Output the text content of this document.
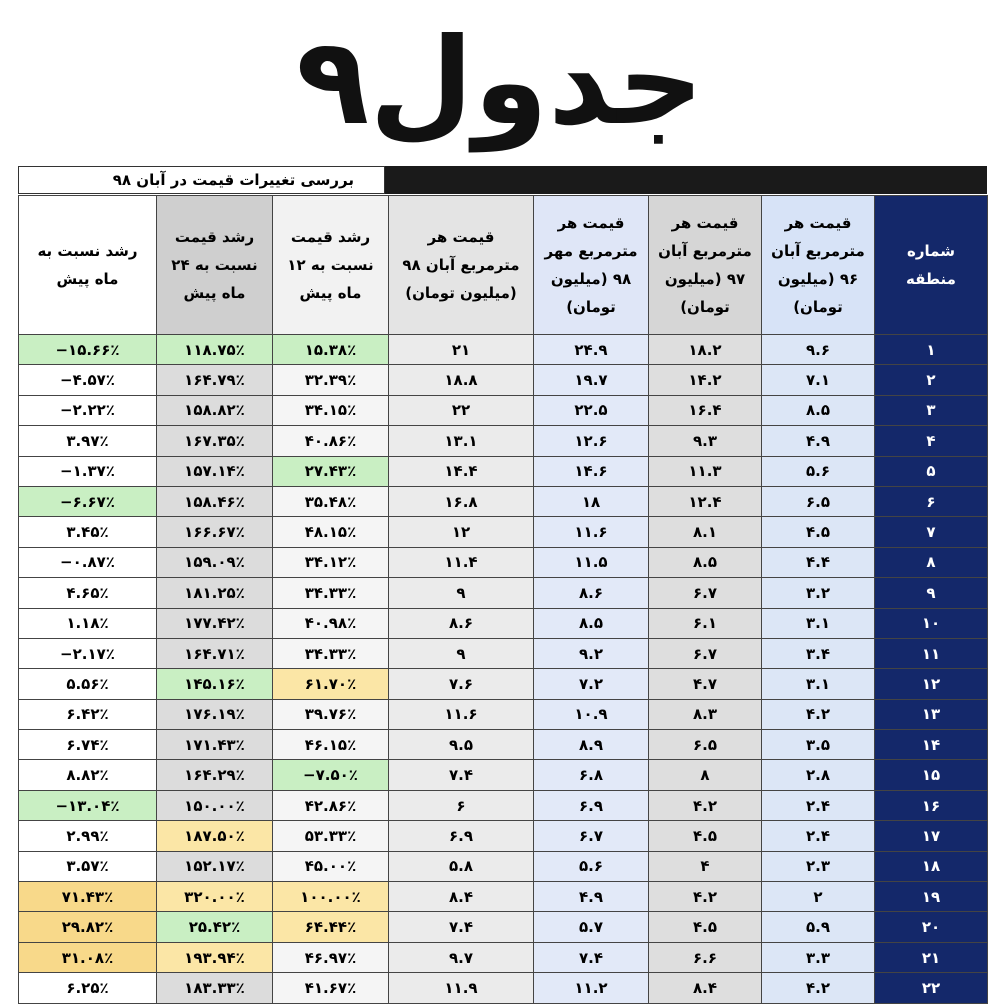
جدول۹
بررسی تغییرات قیمت در آبان ۹۸
رشد نسبت به ماه پیش	رشد قیمت نسبت به ۲۴ ماه پیش	رشد قیمت نسبت به ۱۲ ماه پیش	قیمت هر مترمربع آبان ۹۸ (میلیون تومان)	قیمت هر مترمربع مهر ۹۸ (میلیون تومان)	قیمت هر مترمربع آبان ۹۷ (میلیون تومان)	قیمت هر مترمربع آبان ۹۶ (میلیون تومان)	شماره منطقه
−۱۵.۶۶٪	۱۱۸.۷۵٪	۱۵.۳۸٪	۲۱	۲۴.۹	۱۸.۲	۹.۶	۱
−۴.۵۷٪	۱۶۴.۷۹٪	۳۲.۳۹٪	۱۸.۸	۱۹.۷	۱۴.۲	۷.۱	۲
−۲.۲۲٪	۱۵۸.۸۲٪	۳۴.۱۵٪	۲۲	۲۲.۵	۱۶.۴	۸.۵	۳
۳.۹۷٪	۱۶۷.۳۵٪	۴۰.۸۶٪	۱۳.۱	۱۲.۶	۹.۳	۴.۹	۴
−۱.۳۷٪	۱۵۷.۱۴٪	۲۷.۴۳٪	۱۴.۴	۱۴.۶	۱۱.۳	۵.۶	۵
−۶.۶۷٪	۱۵۸.۴۶٪	۳۵.۴۸٪	۱۶.۸	۱۸	۱۲.۴	۶.۵	۶
۳.۴۵٪	۱۶۶.۶۷٪	۴۸.۱۵٪	۱۲	۱۱.۶	۸.۱	۴.۵	۷
−۰.۸۷٪	۱۵۹.۰۹٪	۳۴.۱۲٪	۱۱.۴	۱۱.۵	۸.۵	۴.۴	۸
۴.۶۵٪	۱۸۱.۲۵٪	۳۴.۳۳٪	۹	۸.۶	۶.۷	۳.۲	۹
۱.۱۸٪	۱۷۷.۴۲٪	۴۰.۹۸٪	۸.۶	۸.۵	۶.۱	۳.۱	۱۰
−۲.۱۷٪	۱۶۴.۷۱٪	۳۴.۳۳٪	۹	۹.۲	۶.۷	۳.۴	۱۱
۵.۵۶٪	۱۴۵.۱۶٪	۶۱.۷۰٪	۷.۶	۷.۲	۴.۷	۳.۱	۱۲
۶.۴۲٪	۱۷۶.۱۹٪	۳۹.۷۶٪	۱۱.۶	۱۰.۹	۸.۳	۴.۲	۱۳
۶.۷۴٪	۱۷۱.۴۳٪	۴۶.۱۵٪	۹.۵	۸.۹	۶.۵	۳.۵	۱۴
۸.۸۲٪	۱۶۴.۲۹٪	−۷.۵۰٪	۷.۴	۶.۸	۸	۲.۸	۱۵
−۱۳.۰۴٪	۱۵۰.۰۰٪	۴۲.۸۶٪	۶	۶.۹	۴.۲	۲.۴	۱۶
۲.۹۹٪	۱۸۷.۵۰٪	۵۳.۳۳٪	۶.۹	۶.۷	۴.۵	۲.۴	۱۷
۳.۵۷٪	۱۵۲.۱۷٪	۴۵.۰۰٪	۵.۸	۵.۶	۴	۲.۳	۱۸
۷۱.۴۳٪	۳۲۰.۰۰٪	۱۰۰.۰۰٪	۸.۴	۴.۹	۴.۲	۲	۱۹
۲۹.۸۲٪	۲۵.۴۲٪	۶۴.۴۴٪	۷.۴	۵.۷	۴.۵	۵.۹	۲۰
۳۱.۰۸٪	۱۹۳.۹۴٪	۴۶.۹۷٪	۹.۷	۷.۴	۶.۶	۳.۳	۲۱
۶.۲۵٪	۱۸۳.۳۳٪	۴۱.۶۷٪	۱۱.۹	۱۱.۲	۸.۴	۴.۲	۲۲
